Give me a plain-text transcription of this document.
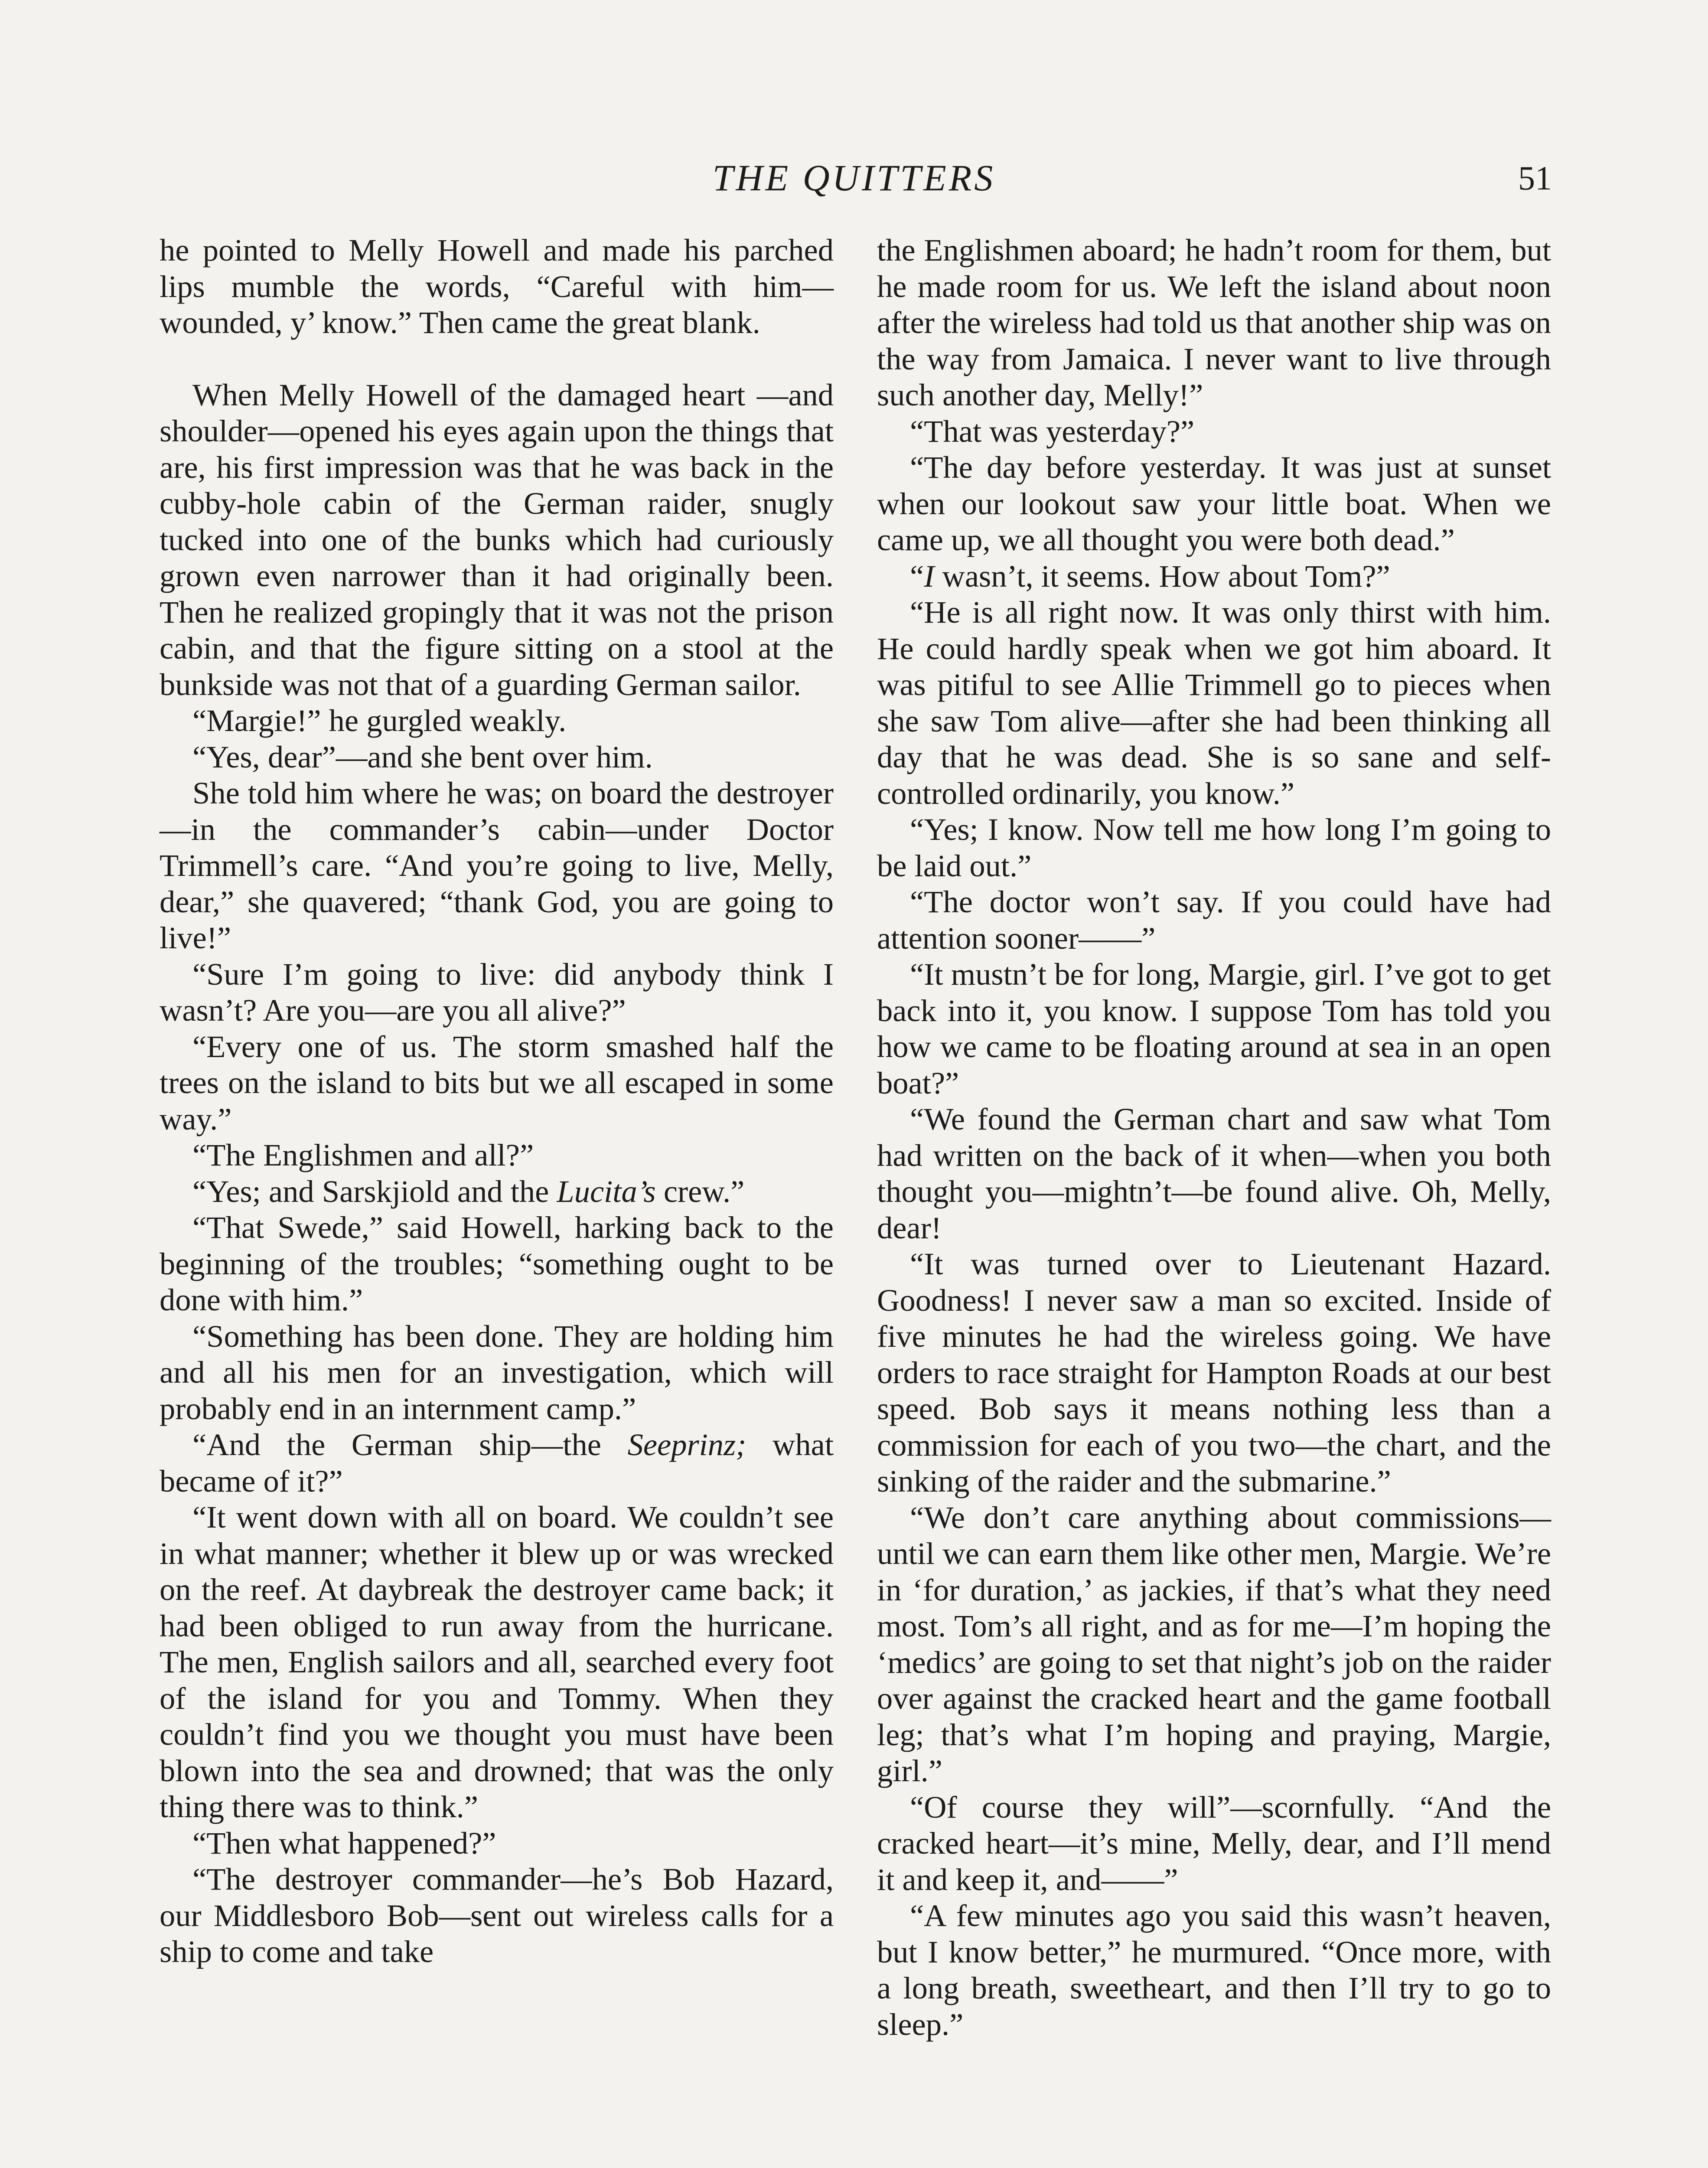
THE QUITTERS	51

he pointed to Melly Howell and made his parched lips mumble the words, “Careful with him—wounded, y’ know.” Then came the great blank.

When Melly Howell of the damaged heart —and shoulder—opened his eyes again upon the things that are, his first impression was that he was back in the cubby-hole cabin of the German raider, snugly tucked into one of the bunks which had curiously grown even narrower than it had originally been. Then he realized gropingly that it was not the prison cabin, and that the figure sitting on a stool at the bunkside was not that of a guarding German sailor.

“Margie!” he gurgled weakly.

“Yes, dear”—and she bent over him.

She told him where he was; on board the destroyer—in the commander’s cabin—under Doctor Trimmell’s care. “And you’re going to live, Melly, dear,” she quavered; “thank God, you are going to live!”

“Sure I’m going to live: did anybody think I wasn’t? Are you—are you all alive?”

“Every one of us. The storm smashed half the trees on the island to bits but we all escaped in some way.”

“The Englishmen and all?”

“Yes; and Sarskjiold and the Lucita’s crew.”

“That Swede,” said Howell, harking back to the beginning of the troubles; “something ought to be done with him.”

“Something has been done. They are holding him and all his men for an investigation, which will probably end in an internment camp.”

“And the German ship—the Seeprinz; what became of it?”

“It went down with all on board. We couldn’t see in what manner; whether it blew up or was wrecked on the reef. At daybreak the destroyer came back; it had been obliged to run away from the hurricane. The men, English sailors and all, searched every foot of the island for you and Tommy. When they couldn’t find you we thought you must have been blown into the sea and drowned; that was the only thing there was to think.”

“Then what happened?”

“The destroyer commander—he’s Bob Hazard, our Middlesboro Bob—sent out wireless calls for a ship to come and take

the Englishmen aboard; he hadn’t room for them, but he made room for us. We left the island about noon after the wireless had told us that another ship was on the way from Jamaica. I never want to live through such another day, Melly!”

“That was yesterday?”

“The day before yesterday. It was just at sunset when our lookout saw your little boat. When we came up, we all thought you were both dead.”

“I wasn’t, it seems. How about Tom?”

“He is all right now. It was only thirst with him. He could hardly speak when we got him aboard. It was pitiful to see Allie Trimmell go to pieces when she saw Tom alive—after she had been thinking all day that he was dead. She is so sane and self-controlled ordinarily, you know.”

“Yes; I know. Now tell me how long I’m going to be laid out.”

“The doctor won’t say. If you could have had attention sooner——”

“It mustn’t be for long, Margie, girl. I’ve got to get back into it, you know. I suppose Tom has told you how we came to be floating around at sea in an open boat?”

“We found the German chart and saw what Tom had written on the back of it when—when you both thought you—mightn’t—be found alive. Oh, Melly, dear!

“It was turned over to Lieutenant Hazard. Goodness! I never saw a man so excited. Inside of five minutes he had the wireless going. We have orders to race straight for Hampton Roads at our best speed. Bob says it means nothing less than a commission for each of you two—the chart, and the sinking of the raider and the submarine.”

“We don’t care anything about commissions—until we can earn them like other men, Margie. We’re in ‘for duration,’ as jackies, if that’s what they need most. Tom’s all right, and as for me—I’m hoping the ‘medics’ are going to set that night’s job on the raider over against the cracked heart and the game football leg; that’s what I’m hoping and praying, Margie, girl.”

“Of course they will”—scornfully. “And the cracked heart—it’s mine, Melly, dear, and I’ll mend it and keep it, and——”

“A few minutes ago you said this wasn’t heaven, but I know better,” he murmured. “Once more, with a long breath, sweetheart, and then I’ll try to go to sleep.”
